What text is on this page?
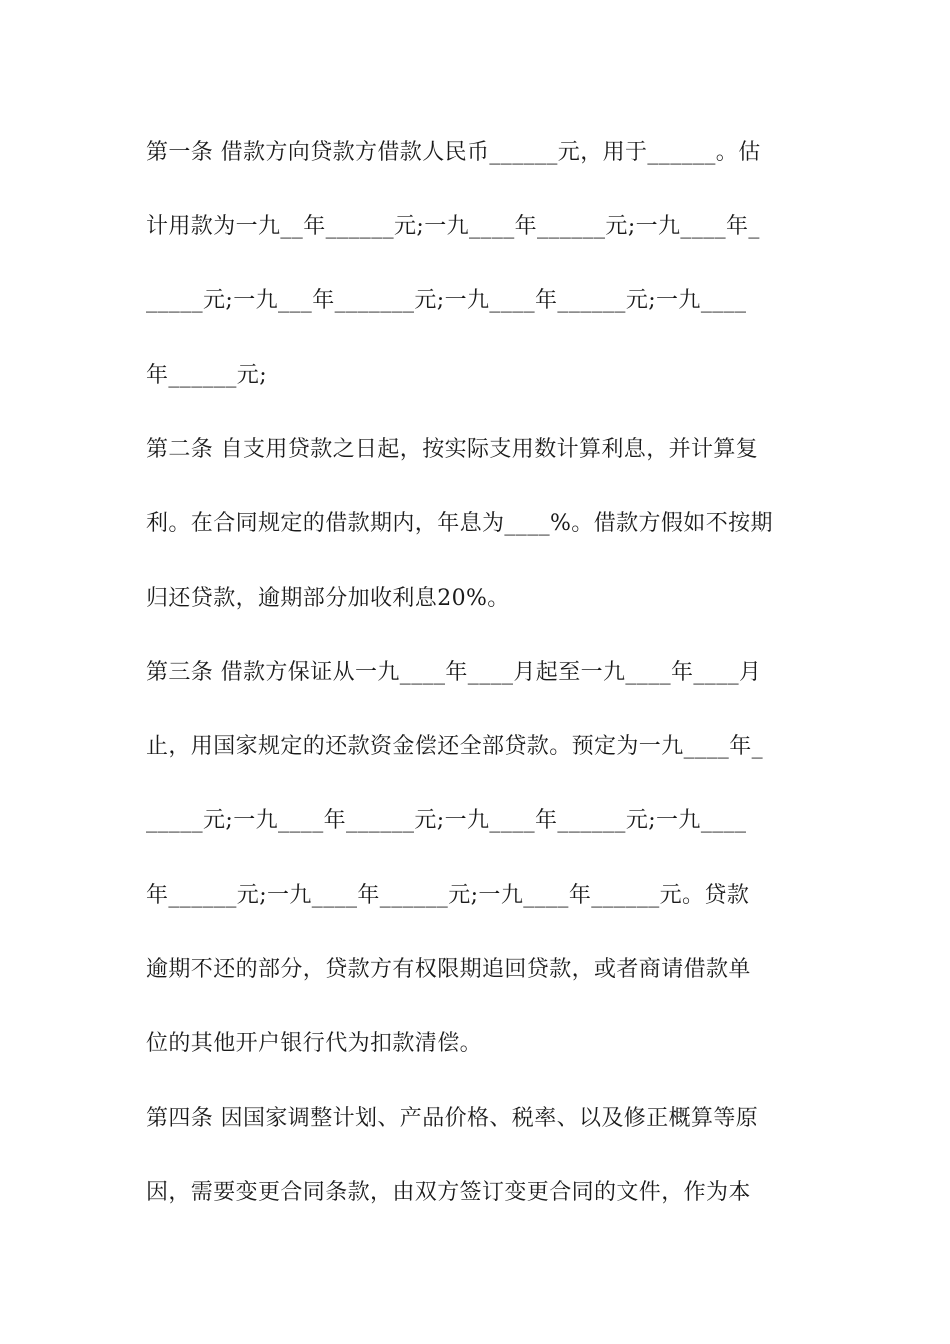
第一条 借款方向贷款方借款人民币______元，用于______。估
计用款为一九__年______元;一九____年______元;一九____年_
_____元;一九___年_______元;一九____年______元;一九____
年______元;
第二条 自支用贷款之日起，按实际支用数计算利息，并计算复
利。在合同规定的借款期内，年息为____%。借款方假如不按期
归还贷款，逾期部分加收利息20%。
第三条 借款方保证从一九____年____月起至一九____年____月
止，用国家规定的还款资金偿还全部贷款。预定为一九____年_
_____元;一九____年______元;一九____年______元;一九____
年______元;一九____年______元;一九____年______元。贷款
逾期不还的部分，贷款方有权限期追回贷款，或者商请借款单
位的其他开户银行代为扣款清偿。
第四条 因国家调整计划、产品价格、税率、以及修正概算等原
因，需要变更合同条款，由双方签订变更合同的文件，作为本
